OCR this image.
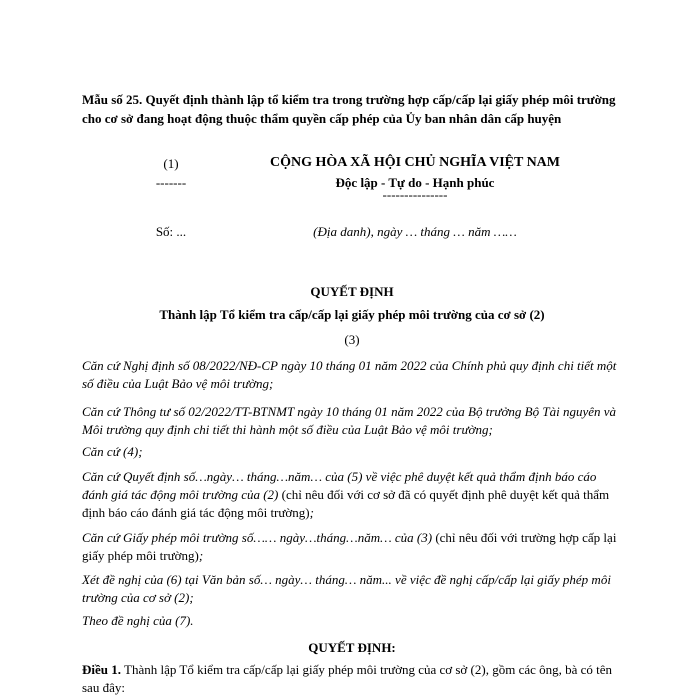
Mẫu số 25. Quyết định thành lập tổ kiểm tra trong trường hợp cấp/cấp lại giấy phép môi trường cho cơ sở đang hoạt động thuộc thẩm quyền cấp phép của Ủy ban nhân dân cấp huyện

(1)

-------

CỘNG HÒA XÃ HỘI CHỦ NGHĨA VIỆT NAM

Độc lập - Tự do - Hạnh phúc

---------------

Số: ...	(Địa danh), ngày … tháng … năm ……

QUYẾT ĐỊNH

Thành lập Tổ kiểm tra cấp/cấp lại giấy phép môi trường của cơ sở (2)

(3)

Căn cứ Nghị định số 08/2022/NĐ-CP ngày 10 tháng 01 năm 2022 của Chính phủ quy định chi tiết một số điều của Luật Bảo vệ môi trường;

Căn cứ Thông tư số 02/2022/TT-BTNMT ngày 10 tháng 01 năm 2022 của Bộ trưởng Bộ Tài nguyên và Môi trường quy định chi tiết thi hành một số điều của Luật Bảo vệ môi trường;

Căn cứ (4);

Căn cứ Quyết định số…ngày… tháng…năm… của (5) về việc phê duyệt kết quả thẩm định báo cáo đánh giá tác động môi trường của (2) (chỉ nêu đối với cơ sở đã có quyết định phê duyệt kết quả thẩm định báo cáo đánh giá tác động môi trường);

Căn cứ Giấy phép môi trường số…… ngày…tháng…năm… của (3) (chỉ nêu đối với trường hợp cấp lại giấy phép môi trường);

Xét đề nghị của (6) tại Văn bản số… ngày… tháng… năm... về việc đề nghị cấp/cấp lại giấy phép môi trường của cơ sở (2);

Theo đề nghị của (7).

QUYẾT ĐỊNH:

Điều 1. Thành lập Tổ kiểm tra cấp/cấp lại giấy phép môi trường của cơ sở (2), gồm các ông, bà có tên sau đây:
